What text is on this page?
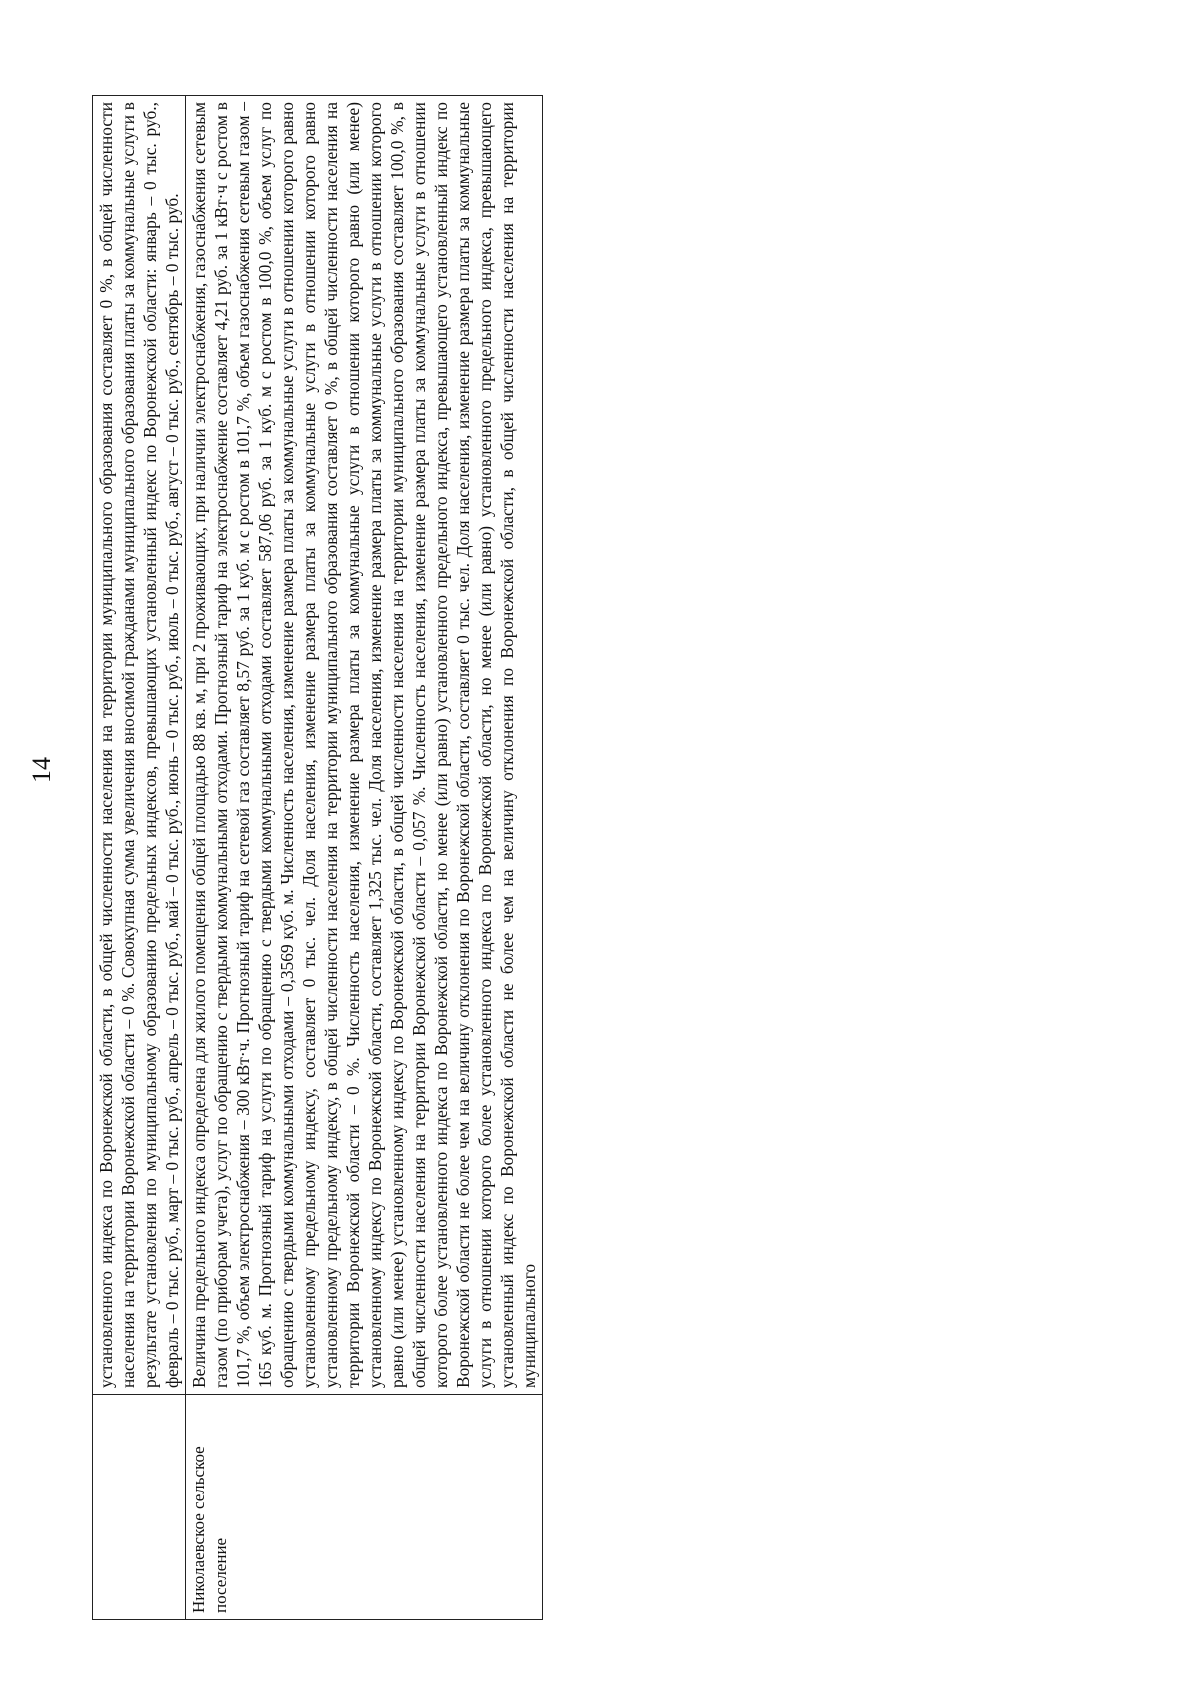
14
		установленного индекса по Воронежской области, в общей численности населения на территории муниципального образования составляет 0 %, в общей численности населения на территории Воронежской области – 0 %. Совокупная сумма увеличения вносимой гражданами муниципального образования платы за коммунальные услуги в результате установления по муниципальному образованию предельных индексов, превышающих установленный индекс по Воронежской области: январь – 0 тыс. руб., февраль – 0 тыс. руб., март – 0 тыс. руб., апрель – 0 тыс. руб., май – 0 тыс. руб., июнь – 0 тыс. руб., июль – 0 тыс. руб., август – 0 тыс. руб., сентябрь – 0 тыс. руб.
Николаевское сельское поселение	Величина предельного индекса определена для жилого помещения общей площадью 88 кв. м, при 2 проживающих, при наличии электроснабжения, газоснабжения сетевым газом (по приборам учета), услуг по обращению с твердыми коммунальными отходами. Прогнозный тариф на электроснабжение составляет 4,21 руб. за 1 кВт·ч с ростом в 101,7 %, объем электроснабжения – 300 кВт·ч. Прогнозный тариф на сетевой газ составляет 8,57 руб. за 1 куб. м с ростом в 101,7 %, объем газоснабжения сетевым газом – 165 куб. м. Прогнозный тариф на услуги по обращению с твердыми коммунальными отходами составляет 587,06 руб. за 1 куб. м с ростом в 100,0 %, объем услуг по обращению с твердыми коммунальными отходами – 0,3569 куб. м. Численность населения, изменение размера платы за коммунальные услуги в отношении которого равно установленному предельному индексу, составляет 0 тыс. чел. Доля населения, изменение размера платы за коммунальные услуги в отношении которого равно установленному предельному индексу, в общей численности населения на территории муниципального образования составляет 0 %, в общей численности населения на территории Воронежской области – 0 %. Численность населения, изменение размера платы за коммунальные услуги в отношении которого равно (или менее) установленному индексу по Воронежской области, составляет 1,325 тыс. чел. Доля населения, изменение размера платы за коммунальные услуги в отношении которого равно (или менее) установленному индексу по Воронежской области, в общей численности населения на территории муниципального образования составляет 100,0 %, в общей численности населения на территории Воронежской области – 0,057 %. Численность населения, изменение размера платы за коммунальные услуги в отношении которого более установленного индекса по Воронежской области, но менее (или равно) установленного предельного индекса, превышающего установленный индекс по Воронежской области не более чем на величину отклонения по Воронежской области, составляет 0 тыс. чел. Доля населения, изменение размера платы за коммунальные услуги в отношении которого более установленного индекса по Воронежской области, но менее (или равно) установленного предельного индекса, превышающего установленный индекс по Воронежской области не более чем на величину отклонения по Воронежской области, в общей численности населения на территории муниципального
